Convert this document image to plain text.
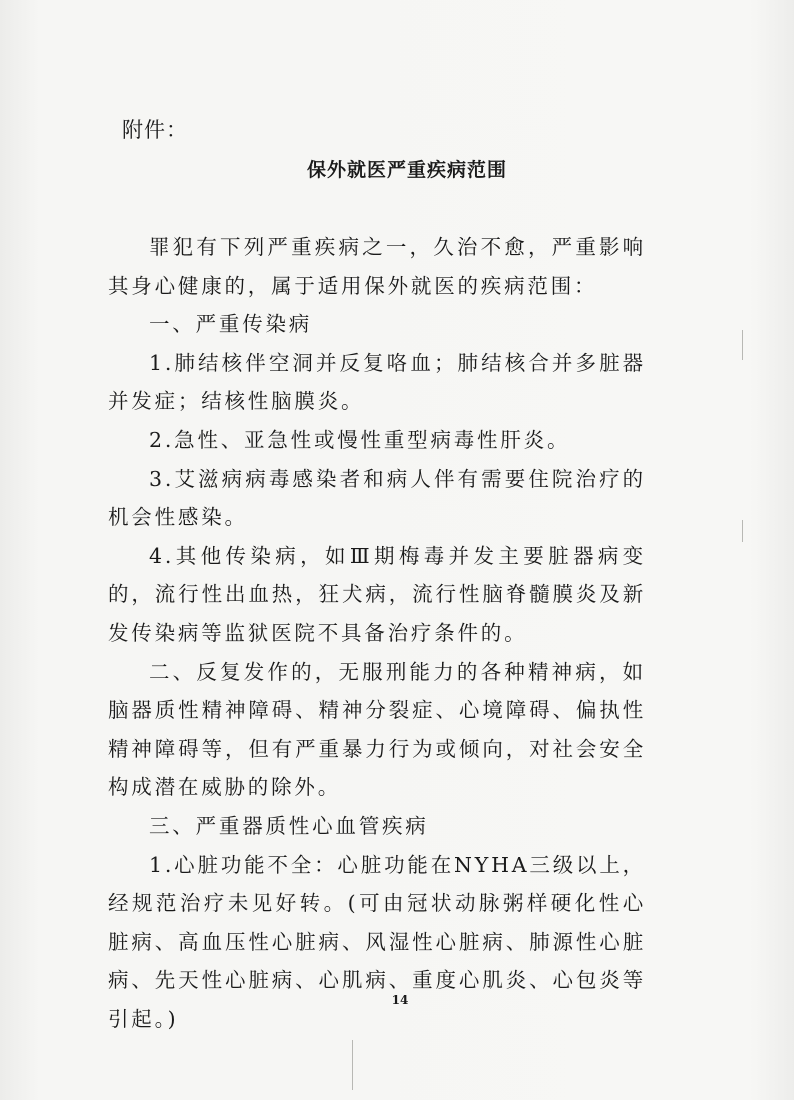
附件：
保外就医严重疾病范围

罪犯有下列严重疾病之一，久治不愈，严重影响其身心健康的，属于适用保外就医的疾病范围：

一、严重传染病

1.肺结核伴空洞并反复咯血；肺结核合并多脏器并发症；结核性脑膜炎。

2.急性、亚急性或慢性重型病毒性肝炎。

3.艾滋病病毒感染者和病人伴有需要住院治疗的机会性感染。

4.其他传染病，如Ⅲ期梅毒并发主要脏器病变的，流行性出血热，狂犬病，流行性脑脊髓膜炎及新发传染病等监狱医院不具备治疗条件的。

二、反复发作的，无服刑能力的各种精神病，如脑器质性精神障碍、精神分裂症、心境障碍、偏执性精神障碍等，但有严重暴力行为或倾向，对社会安全构成潜在威胁的除外。

三、严重器质性心血管疾病

1.心脏功能不全：心脏功能在NYHA三级以上，经规范治疗未见好转。(可由冠状动脉粥样硬化性心脏病、高血压性心脏病、风湿性心脏病、肺源性心脏病、先天性心脏病、心肌病、重度心肌炎、心包炎等引起。)

14
